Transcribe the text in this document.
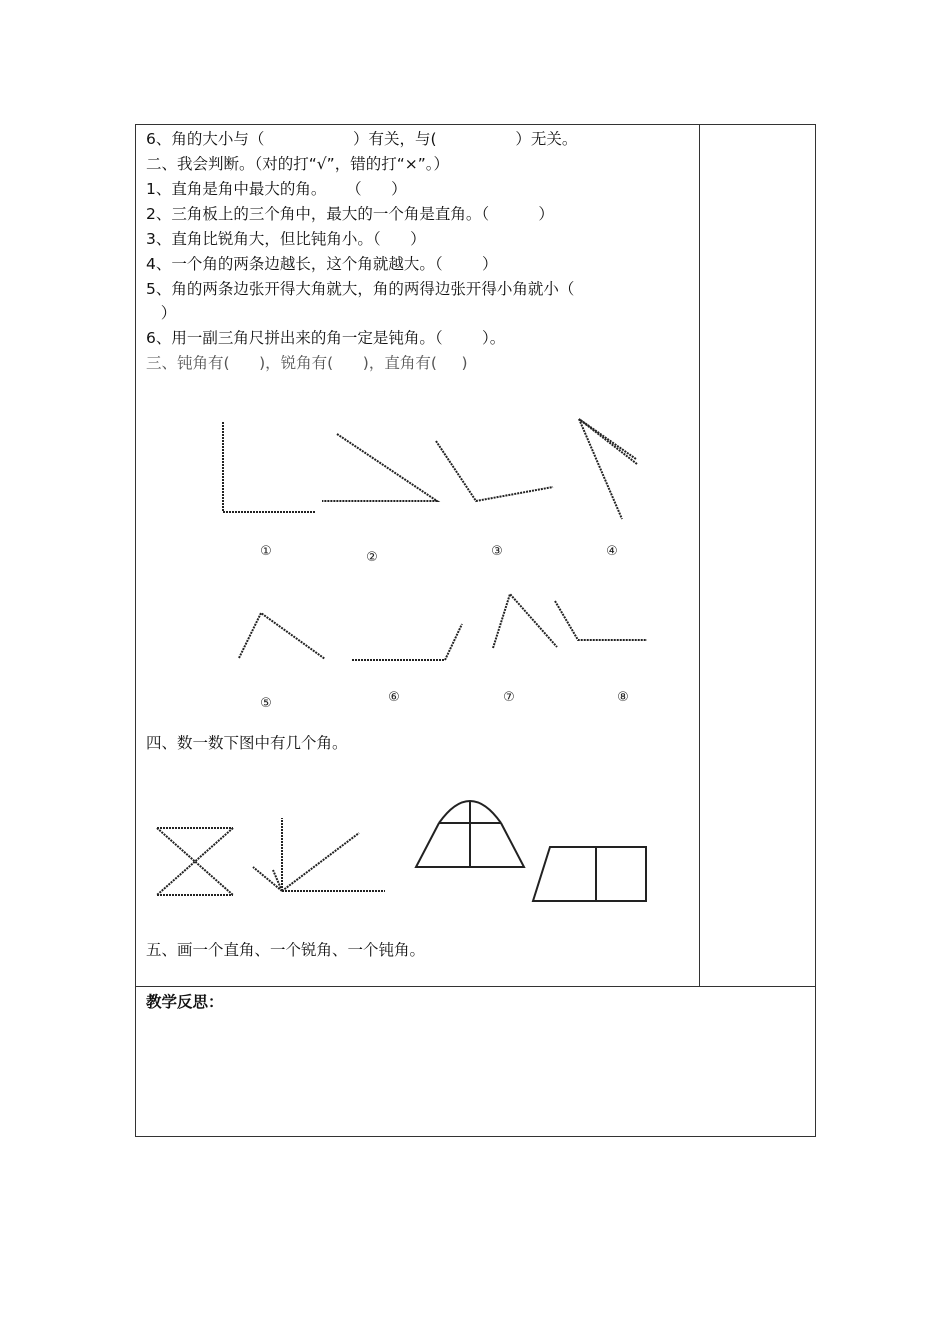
6、角的大小与（                  ）有关，与(                ）无关。
二、我会判断。（对的打“√”，错的打“×”。）
1、直角是角中最大的角。    （      ）
2、三角板上的三个角中，最大的一个角是直角。（          ）
3、直角比锐角大，但比钝角小。（      ）
4、一个角的两条边越长，这个角就越大。（        ）
5、角的两条边张开得大角就大，角的两得边张开得小角就小（
）
6、用一副三角尺拼出来的角一定是钝角。（        ）。
三、钝角有(      )，锐角有(      )，直角有(     )
①	②	③	④
⑤	⑥	⑦	⑧
四、数一数下图中有几个角。
五、画一个直角、一个锐角、一个钝角。
教学反思：
